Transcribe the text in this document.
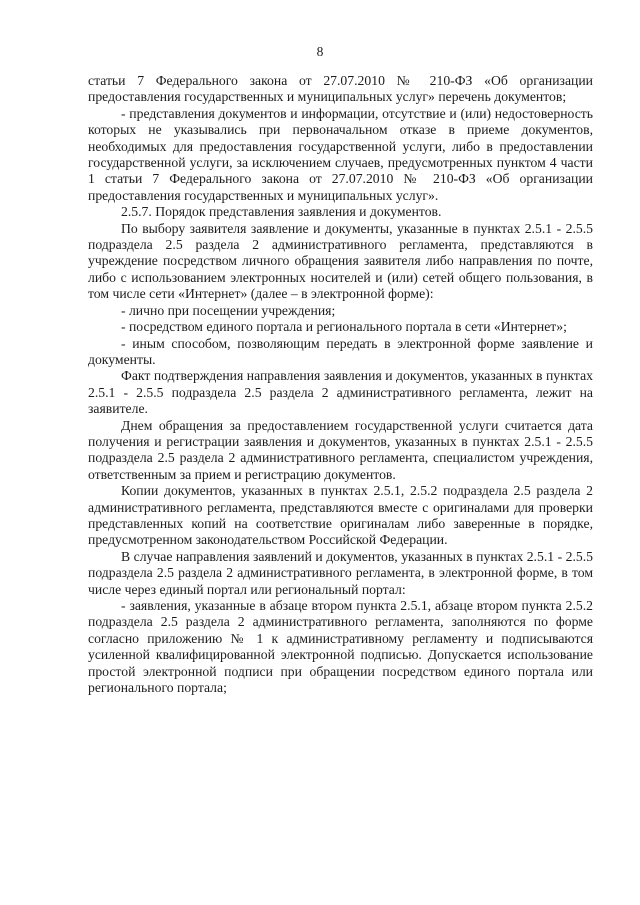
8

статьи 7 Федерального закона от 27.07.2010 № 210-ФЗ «Об организации предоставления государственных и муниципальных услуг» перечень документов;

- представления документов и информации, отсутствие и (или) недостоверность которых не указывались при первоначальном отказе в приеме документов, необходимых для предоставления государственной услуги, либо в предоставлении государственной услуги, за исключением случаев, предусмотренных пунктом 4 части 1 статьи 7 Федерального закона от 27.07.2010 № 210-ФЗ «Об организации предоставления государственных и муниципальных услуг».

2.5.7. Порядок представления заявления и документов.

По выбору заявителя заявление и документы, указанные в пунктах 2.5.1 - 2.5.5 подраздела 2.5 раздела 2 административного регламента, представляются в учреждение посредством личного обращения заявителя либо направления по почте, либо с использованием электронных носителей и (или) сетей общего пользования, в том числе сети «Интернет» (далее – в электронной форме):

- лично при посещении учреждения;

- посредством единого портала и регионального портала в сети «Интернет»;

- иным способом, позволяющим передать в электронной форме заявление и документы.

Факт подтверждения направления заявления и документов, указанных в пунктах 2.5.1 - 2.5.5 подраздела 2.5 раздела 2 административного регламента, лежит на заявителе.

Днем обращения за предоставлением государственной услуги считается дата получения и регистрации заявления и документов, указанных в пунктах 2.5.1 - 2.5.5 подраздела 2.5 раздела 2 административного регламента, специалистом учреждения, ответственным за прием и регистрацию документов.

Копии документов, указанных в пунктах 2.5.1, 2.5.2 подраздела 2.5 раздела 2 административного регламента, представляются вместе с оригиналами для проверки представленных копий на соответствие оригиналам либо заверенные в порядке, предусмотренном законодательством Российской Федерации.

В случае направления заявлений и документов, указанных в пунктах 2.5.1 - 2.5.5 подраздела 2.5 раздела 2 административного регламента, в электронной форме, в том числе через единый портал или региональный портал:

- заявления, указанные в абзаце втором пункта 2.5.1, абзаце втором пункта 2.5.2 подраздела 2.5 раздела 2 административного регламента, заполняются по форме согласно приложению № 1 к административному регламенту и подписываются усиленной квалифицированной электронной подписью. Допускается использование простой электронной подписи при обращении посредством единого портала или регионального портала;
